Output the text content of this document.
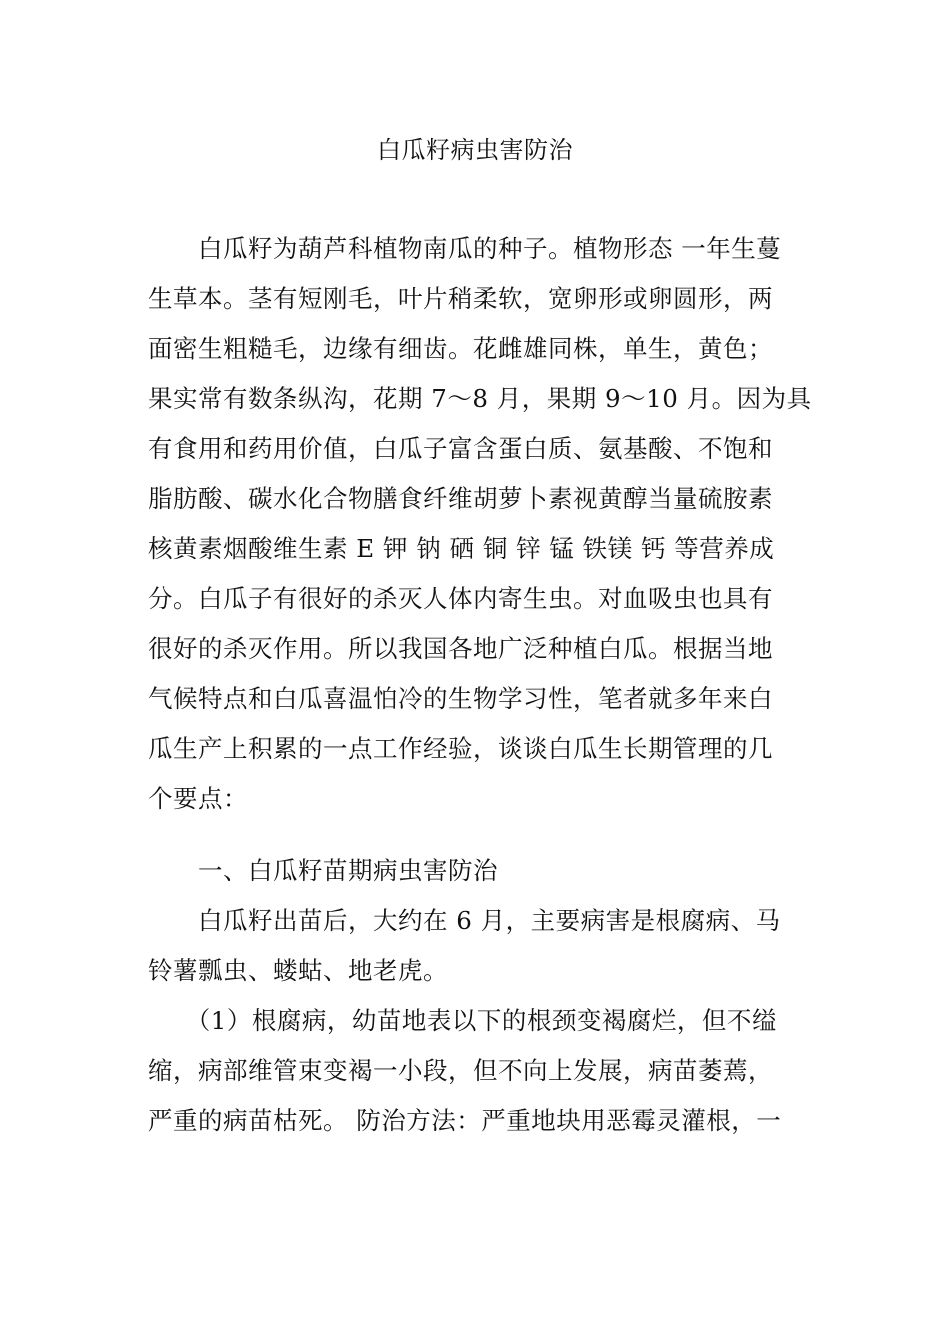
白瓜籽病虫害防治
　　白瓜籽为葫芦科植物南瓜的种子。植物形态 一年生蔓
生草本。茎有短刚毛，叶片稍柔软，宽卵形或卵圆形，两
面密生粗糙毛，边缘有细齿。花雌雄同株，单生，黄色；
果实常有数条纵沟，花期 7～8 月，果期 9～10 月。因为具
有食用和药用价值，白瓜子富含蛋白质、氨基酸、不饱和
脂肪酸、碳水化合物膳食纤维胡萝卜素视黄醇当量硫胺素
核黄素烟酸维生素 E 钾 钠 硒 铜 锌 锰 铁镁 钙 等营养成
分。白瓜子有很好的杀灭人体内寄生虫。对血吸虫也具有
很好的杀灭作用。所以我国各地广泛种植白瓜。根据当地
气候特点和白瓜喜温怕冷的生物学习性，笔者就多年来白
瓜生产上积累的一点工作经验，谈谈白瓜生长期管理的几
个要点：
　　一、白瓜籽苗期病虫害防治
　　白瓜籽出苗后，大约在 6 月，主要病害是根腐病、马
铃薯瓢虫、蝼蛄、地老虎。
　　（1）根腐病，幼苗地表以下的根颈变褐腐烂，但不缢
缩，病部维管束变褐一小段，但不向上发展，病苗萎蔫，
严重的病苗枯死。 防治方法：严重地块用恶霉灵灌根，一
